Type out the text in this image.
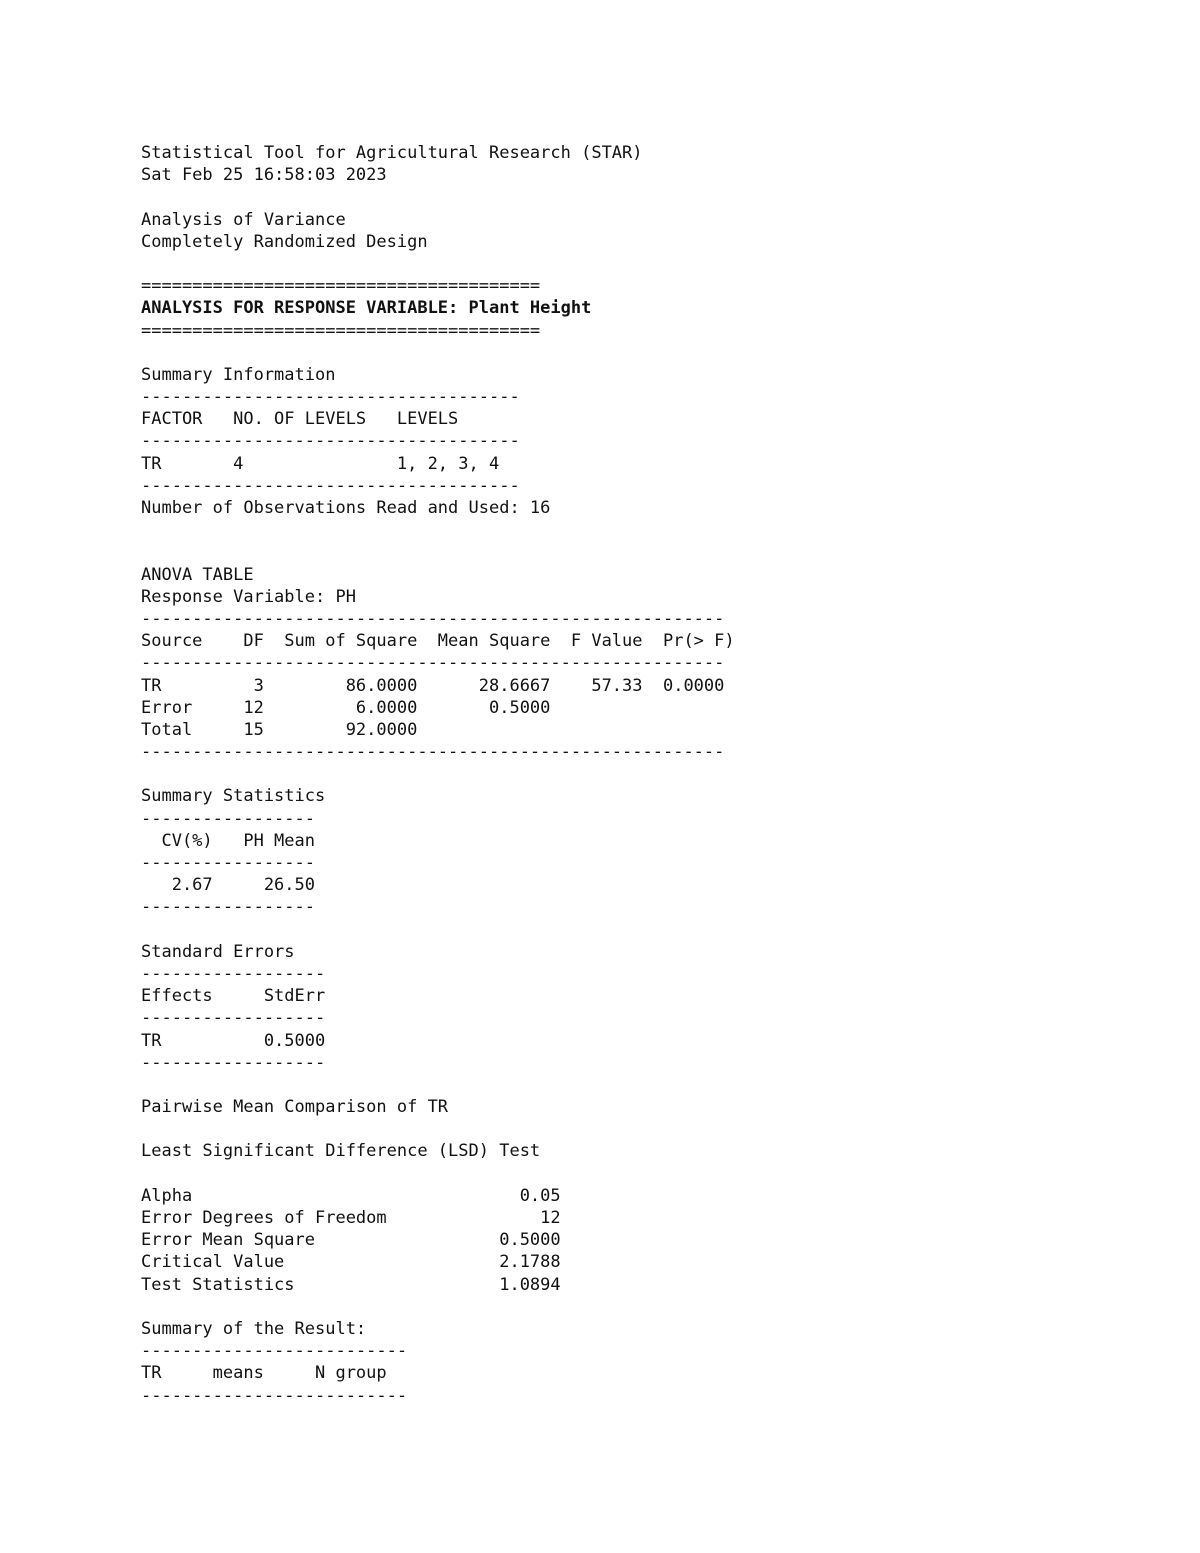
Statistical Tool for Agricultural Research (STAR)
Sat Feb 25 16:58:03 2023
Analysis of Variance
Completely Randomized Design
=======================================
ANALYSIS FOR RESPONSE VARIABLE: Plant Height
=======================================
Summary Information
-------------------------------------
FACTOR   NO. OF LEVELS   LEVELS
-------------------------------------
TR       4               1, 2, 3, 4
-------------------------------------
Number of Observations Read and Used: 16
ANOVA TABLE
Response Variable: PH
---------------------------------------------------------
Source    DF  Sum of Square  Mean Square  F Value  Pr(> F)
---------------------------------------------------------
TR         3        86.0000      28.6667    57.33  0.0000
Error     12         6.0000       0.5000
Total     15        92.0000
---------------------------------------------------------
Summary Statistics
-----------------
CV(%)   PH Mean
-----------------
2.67     26.50
-----------------
Standard Errors
------------------
Effects     StdErr
------------------
TR          0.5000
------------------
Pairwise Mean Comparison of TR
Least Significant Difference (LSD) Test
Alpha                                0.05
Error Degrees of Freedom               12
Error Mean Square                  0.5000
Critical Value                     2.1788
Test Statistics                    1.0894
Summary of the Result:
--------------------------
TR     means     N group
--------------------------
